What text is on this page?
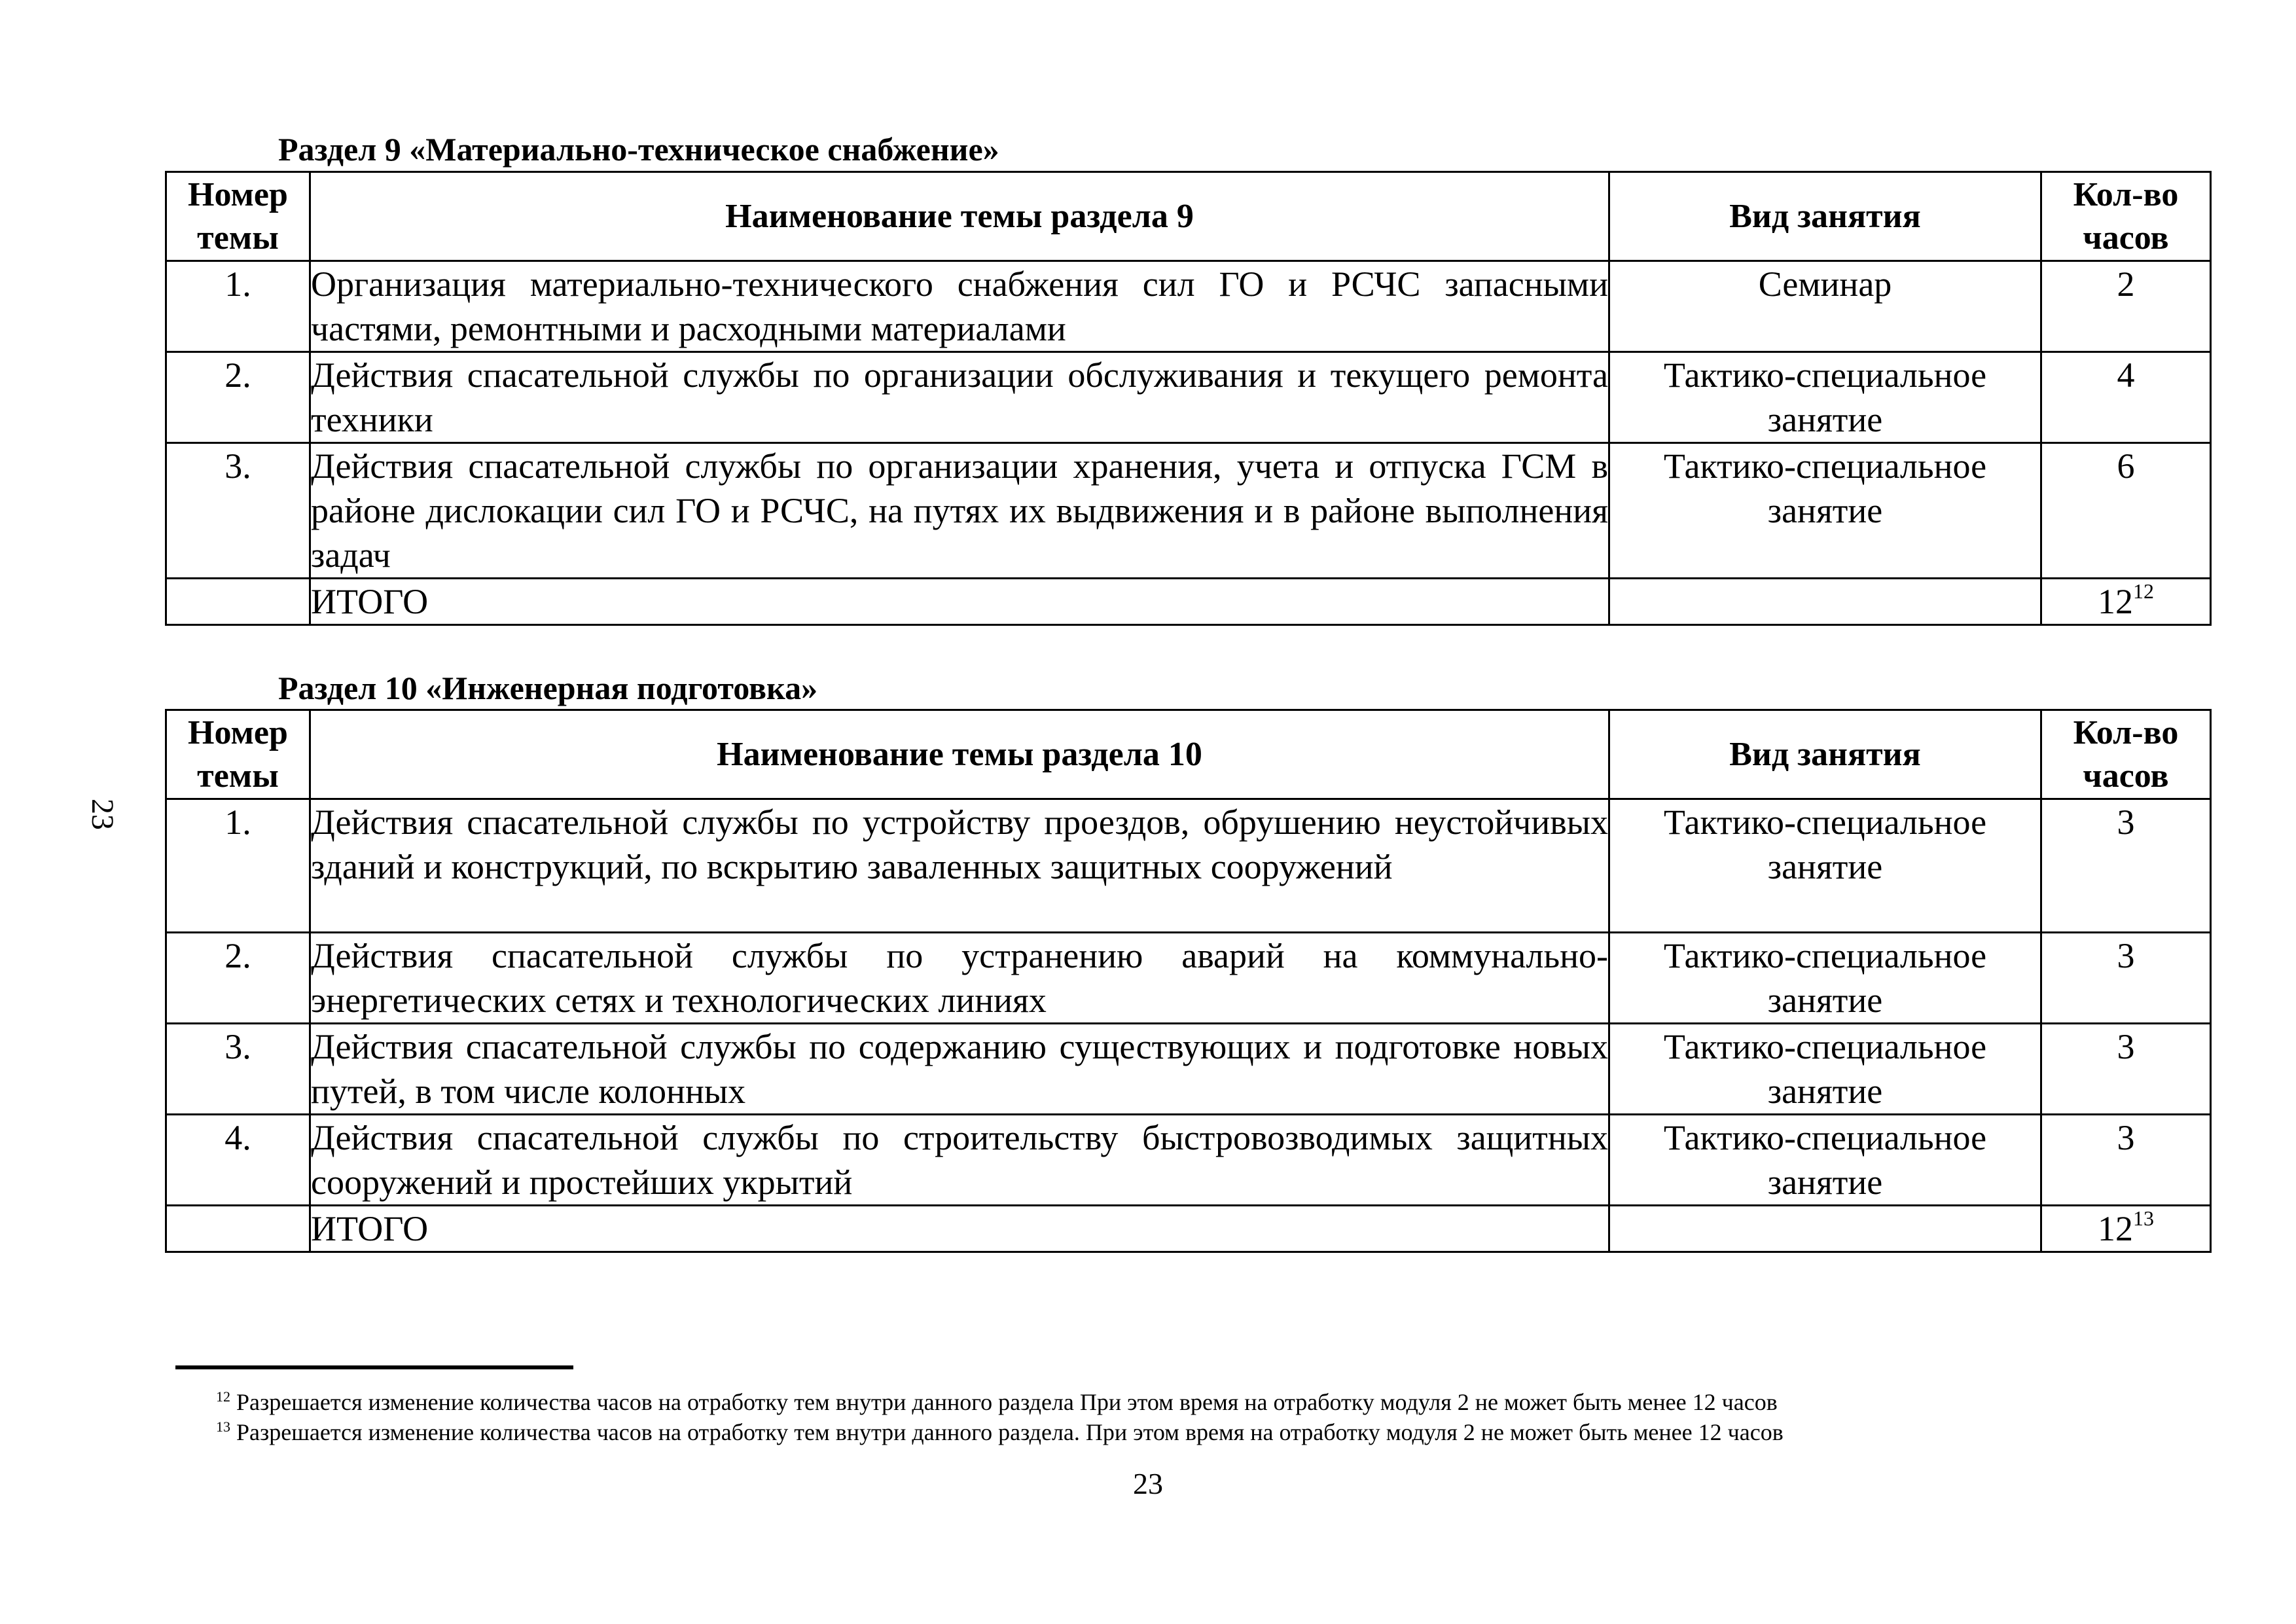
23
Раздел 9 «Материально-техническое снабжение»
Номер темы	Наименование темы раздела 9	Вид занятия	Кол-во часов
1.	Организация материально-технического снабжения сил ГО и РСЧС запасными частями, ремонтными и расходными материалами	Семинар	2
2.	Действия спасательной службы по организации обслуживания и текущего ремонта техники	Тактико-специальное занятие	4
3.	Действия спасательной службы по организации хранения, учета и отпуска ГСМ в районе дислокации сил ГО и РСЧС, на путях их выдвижения и в районе выполнения задач	Тактико-специальное занятие	6
	ИТОГО		12$^{12}$
Раздел 10 «Инженерная подготовка»
Номер темы	Наименование темы раздела 10	Вид занятия	Кол-во часов
1.	Действия спасательной службы по устройству проездов, обрушению неустойчивых зданий и конструкций, по вскрытию заваленных защитных сооружений	Тактико-специальное занятие	3
2.	Действия спасательной службы по устранению аварий на коммунально-энергетических сетях и технологических линиях	Тактико-специальное занятие	3
3.	Действия спасательной службы по содержанию существующих и подготовке новых путей, в том числе колонных	Тактико-специальное занятие	3
4.	Действия спасательной службы по строительству быстровозводимых защитных сооружений и простейших укрытий	Тактико-специальное занятие	3
	ИТОГО		12$^{13}$
$^{12}$ Разрешается изменение количества часов на отработку тем внутри данного раздела При этом время на отработку модуля 2 не может быть менее 12 часов
$^{13}$ Разрешается изменение количества часов на отработку тем внутри данного раздела. При этом время на отработку модуля 2 не может быть менее 12 часов
23
